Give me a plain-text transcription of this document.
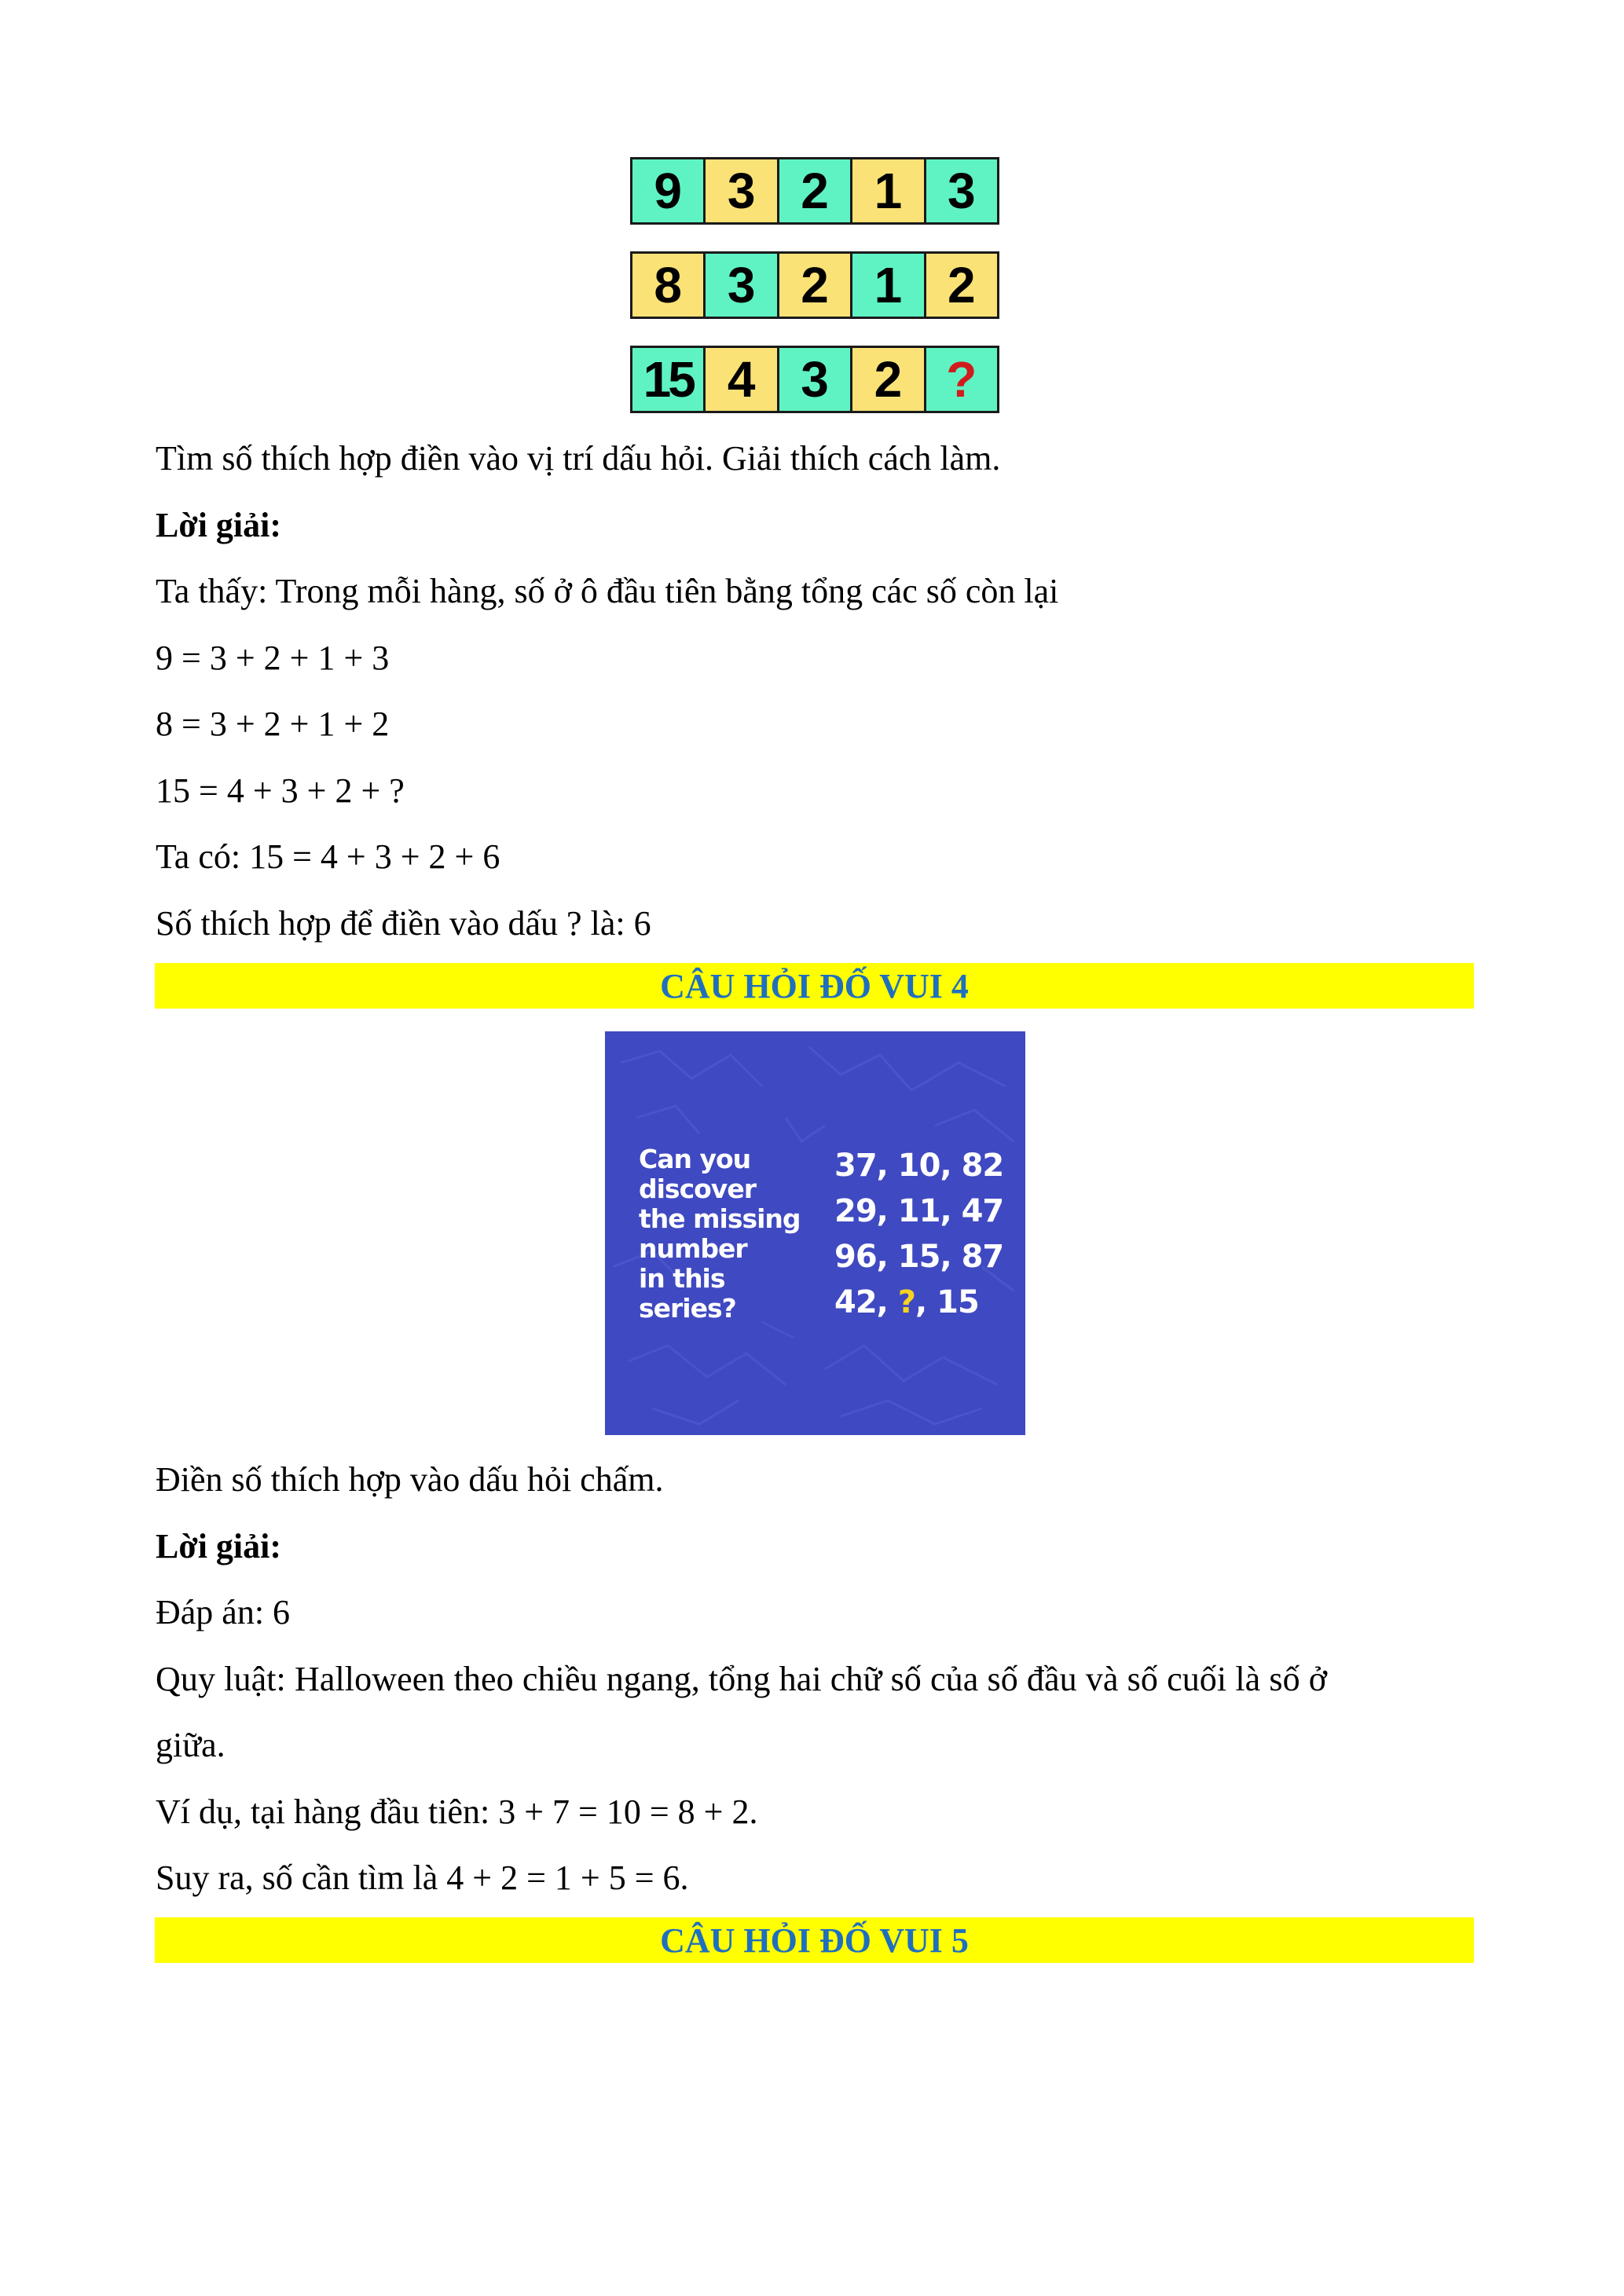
9 3 2 1 3
8 3 2 1 2
15 4 3 2 ?
Tìm số thích hợp điền vào vị trí dấu hỏi. Giải thích cách làm.
Lời giải:
Ta thấy: Trong mỗi hàng, số ở ô đầu tiên bằng tổng các số còn lại
9 = 3 + 2 + 1 + 3
8 = 3 + 2 + 1 + 2
15 = 4 + 3 + 2 + ?
Ta có: 15 = 4 + 3 + 2 + 6
Số thích hợp để điền vào dấu ? là: 6
CÂU HỎI ĐỐ VUI 4
Can you
discover
the missing
number
in this
series?
37, 10, 82
29, 11, 47
96, 15, 87
42, ?, 15
Điền số thích hợp vào dấu hỏi chấm.
Lời giải:
Đáp án: 6
Quy luật: Halloween theo chiều ngang, tổng hai chữ số của số đầu và số cuối là số ở
giữa.
Ví dụ, tại hàng đầu tiên: 3 + 7 = 10 = 8 + 2.
Suy ra, số cần tìm là 4 + 2 = 1 + 5 = 6.
CÂU HỎI ĐỐ VUI 5
